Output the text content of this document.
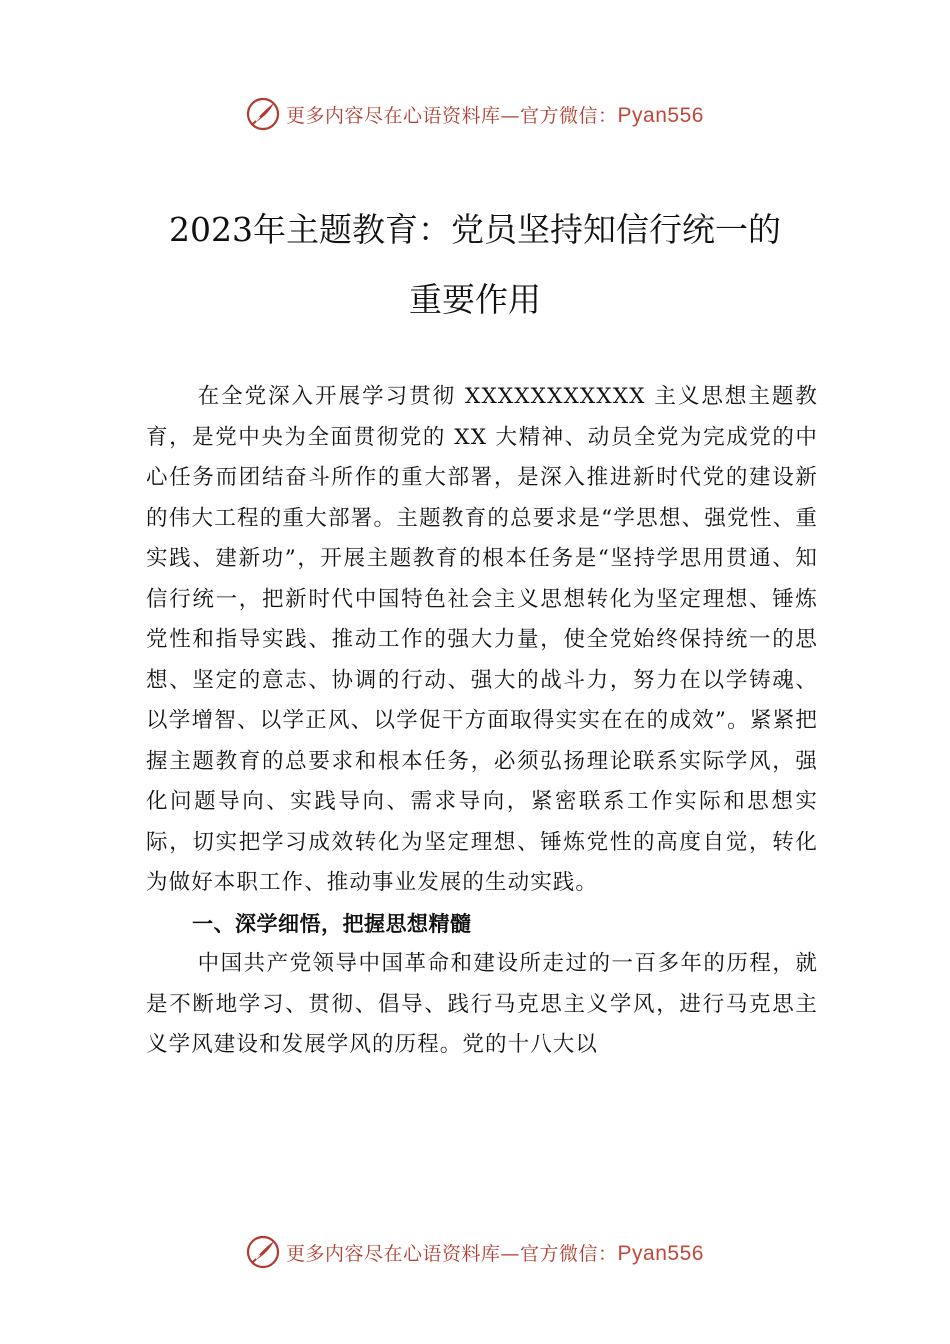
更多内容尽在心语资料库—官方微信：Pyan556
2023年主题教育：党员坚持知信行统一的
重要作用

在全党深入开展学习贯彻 XXXXXXXXXXX 主义思想主题教育，是党中央为全面贯彻党的 XX 大精神、动员全党为完成党的中心任务而团结奋斗所作的重大部署，是深入推进新时代党的建设新的伟大工程的重大部署。主题教育的总要求是“学思想、强党性、重实践、建新功”，开展主题教育的根本任务是“坚持学思用贯通、知信行统一，把新时代中国特色社会主义思想转化为坚定理想、锤炼党性和指导实践、推动工作的强大力量，使全党始终保持统一的思想、坚定的意志、协调的行动、强大的战斗力，努力在以学铸魂、以学增智、以学正风、以学促干方面取得实实在在的成效”。紧紧把握主题教育的总要求和根本任务，必须弘扬理论联系实际学风，强化问题导向、实践导向、需求导向，紧密联系工作实际和思想实际，切实把学习成效转化为坚定理想、锤炼党性的高度自觉，转化为做好本职工作、推动事业发展的生动实践。

一、深学细悟，把握思想精髓

中国共产党领导中国革命和建设所走过的一百多年的历程，就是不断地学习、贯彻、倡导、践行马克思主义学风，进行马克思主义学风建设和发展学风的历程。党的十八大以

更多内容尽在心语资料库—官方微信：Pyan556
